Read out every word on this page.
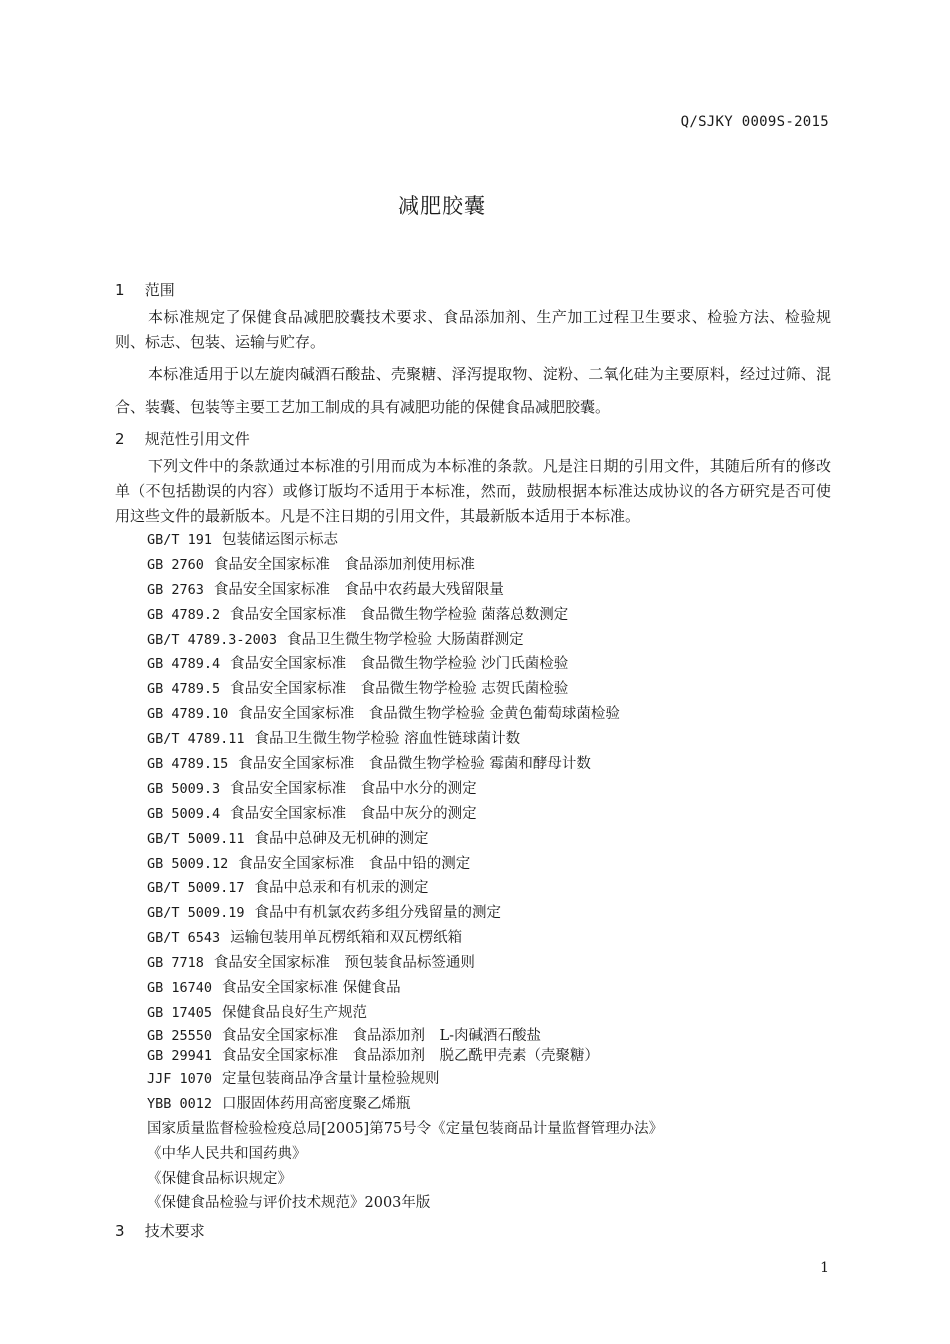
Q/SJKY 0009S-2015
减肥胶囊
1 范围
本标准规定了保健食品减肥胶囊技术要求、食品添加剂、生产加工过程卫生要求、检验方法、检验规则、标志、包装、运输与贮存。
本标准适用于以左旋肉碱酒石酸盐、壳聚糖、泽泻提取物、淀粉、二氧化硅为主要原料，经过过筛、混合、装囊、包装等主要工艺加工制成的具有减肥功能的保健食品减肥胶囊。
2 规范性引用文件
下列文件中的条款通过本标准的引用而成为本标准的条款。凡是注日期的引用文件，其随后所有的修改单（不包括勘误的内容）或修订版均不适用于本标准，然而，鼓励根据本标准达成协议的各方研究是否可使用这些文件的最新版本。凡是不注日期的引用文件，其最新版本适用于本标准。
GB/T 191 包装储运图示标志
GB 2760 食品安全国家标准　食品添加剂使用标准
GB 2763 食品安全国家标准　食品中农药最大残留限量
GB 4789.2 食品安全国家标准　食品微生物学检验 菌落总数测定
GB/T 4789.3-2003 食品卫生微生物学检验 大肠菌群测定
GB 4789.4 食品安全国家标准　食品微生物学检验 沙门氏菌检验
GB 4789.5 食品安全国家标准　食品微生物学检验 志贺氏菌检验
GB 4789.10 食品安全国家标准　食品微生物学检验 金黄色葡萄球菌检验
GB/T 4789.11 食品卫生微生物学检验 溶血性链球菌计数
GB 4789.15 食品安全国家标准　食品微生物学检验 霉菌和酵母计数
GB 5009.3 食品安全国家标准　食品中水分的测定
GB 5009.4 食品安全国家标准　食品中灰分的测定
GB/T 5009.11 食品中总砷及无机砷的测定
GB 5009.12 食品安全国家标准　食品中铅的测定
GB/T 5009.17 食品中总汞和有机汞的测定
GB/T 5009.19 食品中有机氯农药多组分残留量的测定
GB/T 6543 运输包装用单瓦楞纸箱和双瓦楞纸箱
GB 7718 食品安全国家标准　预包装食品标签通则
GB 16740 食品安全国家标准 保健食品
GB 17405 保健食品良好生产规范
GB 25550 食品安全国家标准　食品添加剂　L-肉碱酒石酸盐
GB 29941 食品安全国家标准　食品添加剂　脱乙酰甲壳素（壳聚糖）
JJF 1070 定量包装商品净含量计量检验规则
YBB 0012 口服固体药用高密度聚乙烯瓶
国家质量监督检验检疫总局[2005]第75号令《定量包装商品计量监督管理办法》
《中华人民共和国药典》
《保健食品标识规定》
《保健食品检验与评价技术规范》2003年版
3 技术要求
1
